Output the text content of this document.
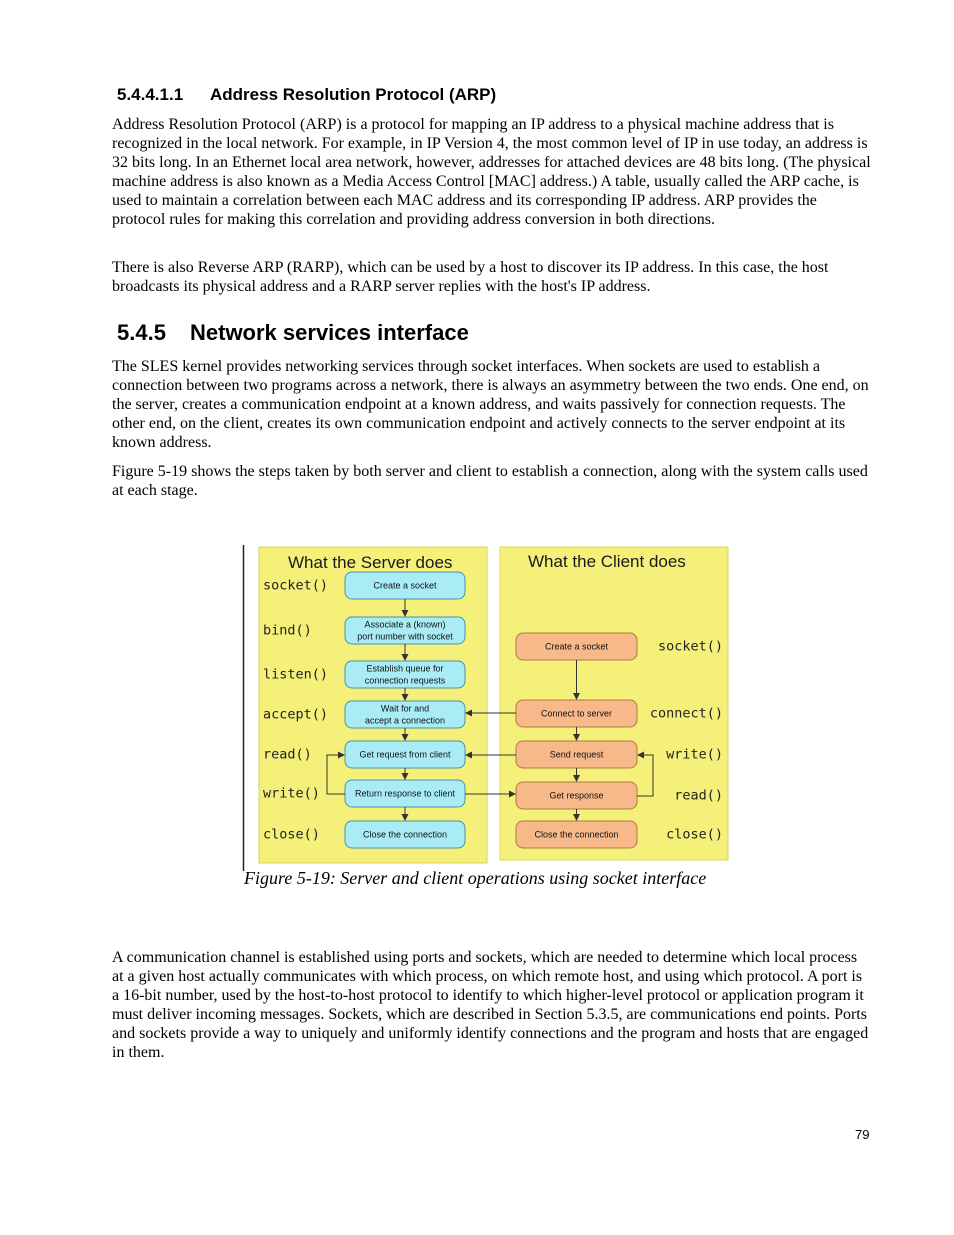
5.4.4.1.1 Address Resolution Protocol (ARP)

Address Resolution Protocol (ARP) is a protocol for mapping an IP address to a physical machine address that is recognized in the local network. For example, in IP Version 4, the most common level of IP in use today, an address is 32 bits long. In an Ethernet local area network, however, addresses for attached devices are 48 bits long. (The physical machine address is also known as a Media Access Control [MAC] address.) A table, usually called the ARP cache, is used to maintain a correlation between each MAC address and its corresponding IP address. ARP provides the protocol rules for making this correlation and providing address conversion in both directions.

There is also Reverse ARP (RARP), which can be used by a host to discover its IP address. In this case, the host broadcasts its physical address and a RARP server replies with the host's IP address.

5.4.5 Network services interface

The SLES kernel provides networking services through socket interfaces. When sockets are used to establish a connection between two programs across a network, there is always an asymmetry between the two ends. One end, on the server, creates a communication endpoint at a known address, and waits passively for connection requests. The other end, on the client, creates its own communication endpoint and actively connects to the server endpoint at its known address.

Figure 5-19 shows the steps taken by both server and client to establish a connection, along with the system calls used at each stage.

What the Server does	What the Client does
Create a socket
socket()
Associate a (known)
port number with socket
bind()
Establish queue for
connection requests
listen()
Wait for and
accept a connection
accept()
Get request from client
read()
Return response to client
write()
Close the connection
close()
Create a socket	socket()
Connect to server	connect()
Send request	write()
Get response	read()
Close the connection	close()
Figure 5-19: Server and client operations using socket interface

A communication channel is established using ports and sockets, which are needed to determine which local process at a given host actually communicates with which process, on which remote host, and using which protocol. A port is a 16-bit number, used by the host-to-host protocol to identify to which higher-level protocol or application program it must deliver incoming messages. Sockets, which are described in Section 5.3.5, are communications end points. Ports and sockets provide a way to uniquely and uniformly identify connections and the program and hosts that are engaged in them.

79
